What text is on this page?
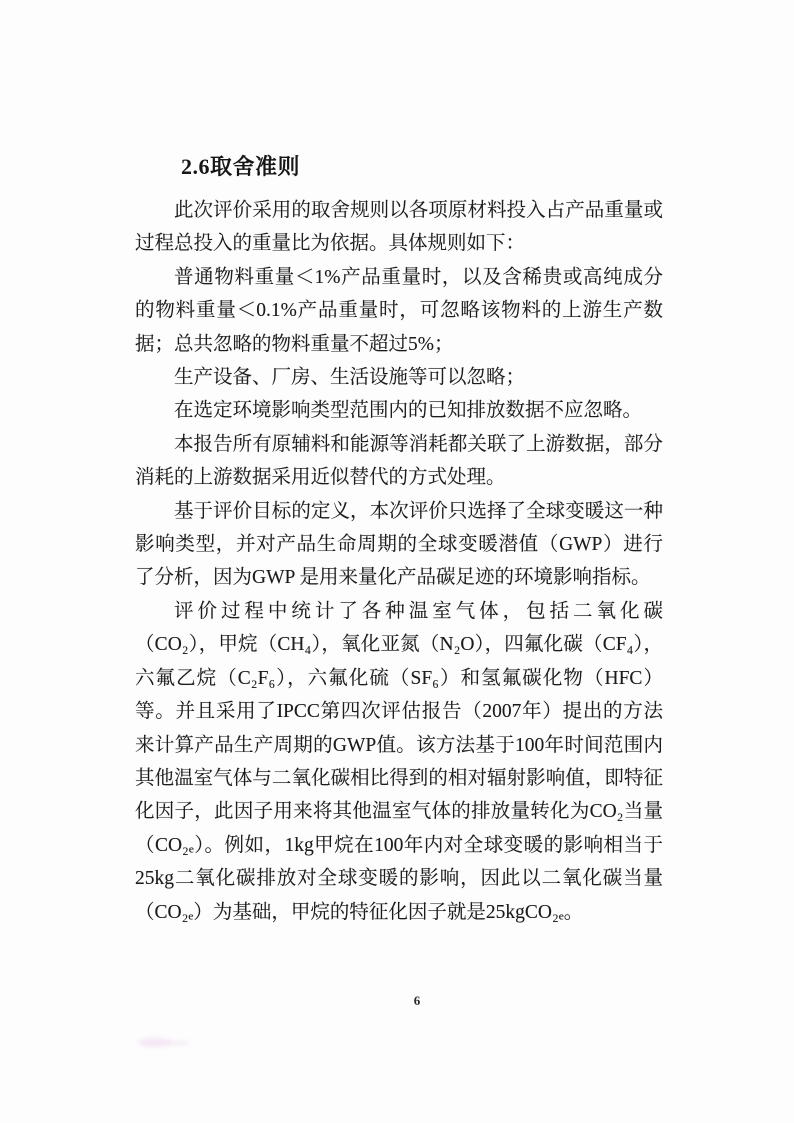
2.6取舍准则

此次评价采用的取舍规则以各项原材料投入占产品重量或过程总投入的重量比为依据。具体规则如下：

普通物料重量＜1%产品重量时，以及含稀贵或高纯成分的物料重量＜0.1%产品重量时，可忽略该物料的上游生产数据；总共忽略的物料重量不超过5%；

生产设备、厂房、生活设施等可以忽略；

在选定环境影响类型范围内的已知排放数据不应忽略。

本报告所有原辅料和能源等消耗都关联了上游数据，部分消耗的上游数据采用近似替代的方式处理。

基于评价目标的定义，本次评价只选择了全球变暖这一种影响类型，并对产品生命周期的全球变暖潜值（GWP）进行了分析，因为GWP 是用来量化产品碳足迹的环境影响指标。

评价过程中统计了各种温室气体，包括二氧化碳（CO₂），甲烷（CH₄），氧化亚氮（N₂O），四氟化碳（CF₄），六氟乙烷（C₂F₆），六氟化硫（SF₆）和氢氟碳化物（HFC）等。并且采用了IPCC第四次评估报告（2007年）提出的方法来计算产品生产周期的GWP值。该方法基于100年时间范围内其他温室气体与二氧化碳相比得到的相对辐射影响值，即特征化因子，此因子用来将其他温室气体的排放量转化为CO₂当量（CO₂ₑ）。例如，1kg甲烷在100年内对全球变暖的影响相当于25kg二氧化碳排放对全球变暖的影响，因此以二氧化碳当量（CO₂ₑ）为基础，甲烷的特征化因子就是25kgCO₂ₑ。

6
